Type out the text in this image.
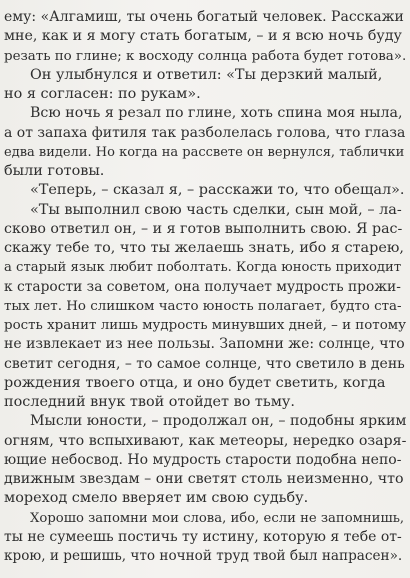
ему: «Алгамиш, ты очень богатый человек. Расскажи
мне, как и я могу стать богатым, – и я всю ночь буду
резать по глине; к восходу солнца работа будет готова».
Он улыбнулся и ответил: «Ты дерзкий малый,
но я согласен: по рукам».
Всю ночь я резал по глине, хоть спина моя ныла,
а от запаха фитиля так разболелась голова, что глаза
едва видели. Но когда на рассвете он вернулся, таблички
были готовы.
«Теперь, – сказал я, – расскажи то, что обещал».
«Ты выполнил свою часть сделки, сын мой, – ла-
сково ответил он, – и я готов выполнить свою. Я рас-
скажу тебе то, что ты желаешь знать, ибо я старею,
а старый язык любит поболтать. Когда юность приходит
к старости за советом, она получает мудрость прожи-
тых лет. Но слишком часто юность полагает, будто ста-
рость хранит лишь мудрость минувших дней, – и потому
не извлекает из нее пользы. Запомни же: солнце, что
светит сегодня, – то самое солнце, что светило в день
рождения твоего отца, и оно будет светить, когда
последний внук твой отойдет во тьму.
Мысли юности, – продолжал он, – подобны ярким
огням, что вспыхивают, как метеоры, нередко озаря-
ющие небосвод. Но мудрость старости подобна непо-
движным звездам – они светят столь неизменно, что
мореход смело вверяет им свою судьбу.
Хорошо запомни мои слова, ибо, если не запомнишь,
ты не сумеешь постичь ту истину, которую я тебе от-
крою, и решишь, что ночной труд твой был напрасен».
